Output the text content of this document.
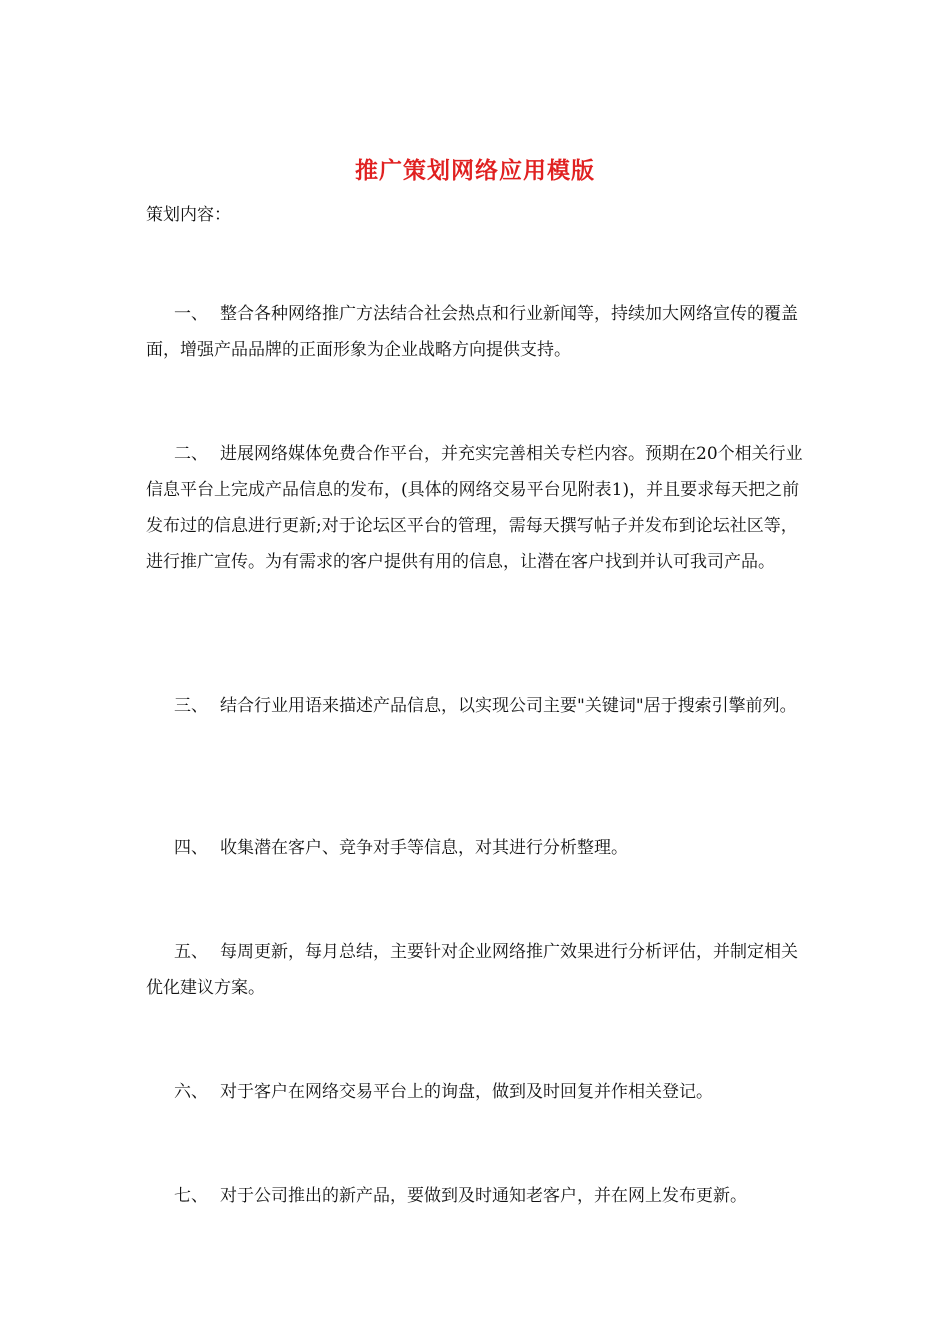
推广策划网络应用模版
策划内容：
一、 整合各种网络推广方法结合社会热点和行业新闻等，持续加大网络宣传的覆盖面，增强产品品牌的正面形象为企业战略方向提供支持。
二、 进展网络媒体免费合作平台，并充实完善相关专栏内容。预期在20个相关行业信息平台上完成产品信息的发布，(具体的网络交易平台见附表1)，并且要求每天把之前发布过的信息进行更新;对于论坛区平台的管理，需每天撰写帖子并发布到论坛社区等，进行推广宣传。为有需求的客户提供有用的信息，让潜在客户找到并认可我司产品。
三、 结合行业用语来描述产品信息，以实现公司主要"关键词"居于搜索引擎前列。
四、 收集潜在客户、竞争对手等信息，对其进行分析整理。
五、 每周更新，每月总结，主要针对企业网络推广效果进行分析评估，并制定相关优化建议方案。
六、 对于客户在网络交易平台上的询盘，做到及时回复并作相关登记。
七、 对于公司推出的新产品，要做到及时通知老客户，并在网上发布更新。
